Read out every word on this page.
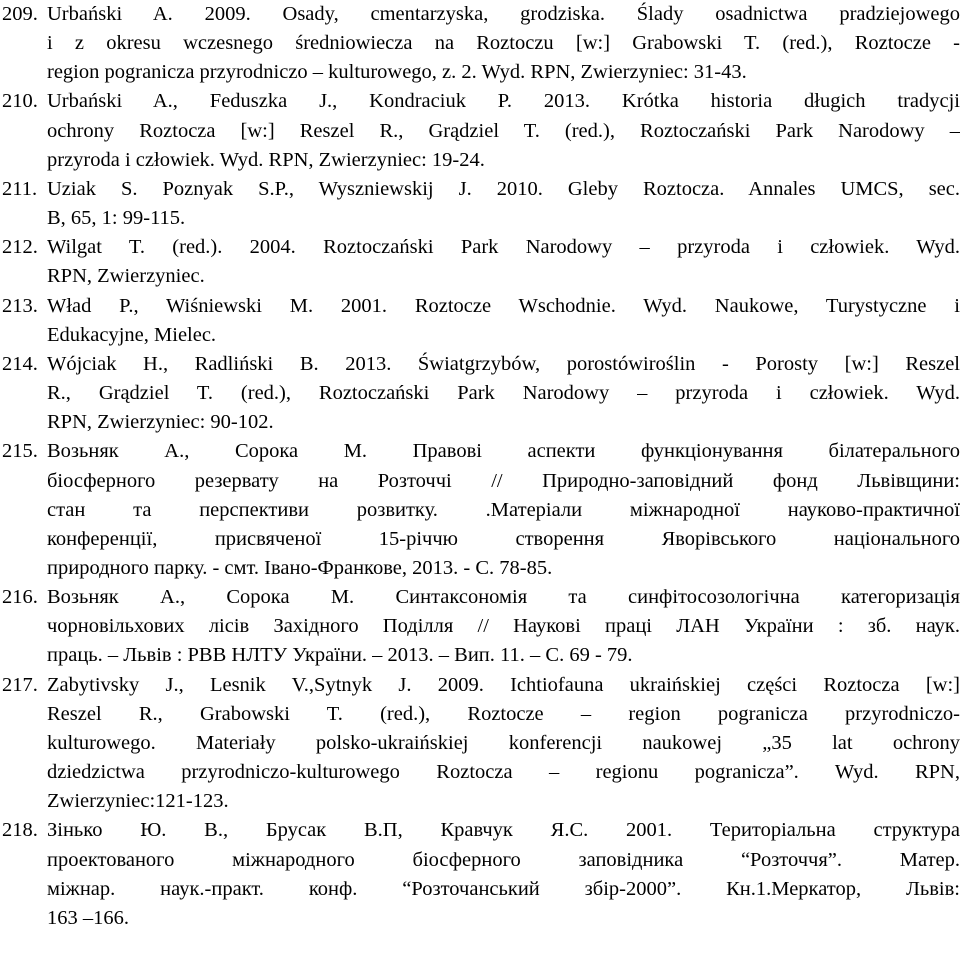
209. Urbański A. 2009. Osady, cmentarzyska, grodziska. Ślady osadnictwa pradziejowego
i z okresu wczesnego średniowiecza na Roztoczu [w:] Grabowski T. (red.), Roztocze -
region pogranicza przyrodniczo – kulturowego, z. 2. Wyd. RPN, Zwierzyniec: 31-43.
210. Urbański A., Feduszka J., Kondraciuk P. 2013. Krótka historia długich tradycji
ochrony Roztocza [w:] Reszel R., Grądziel T. (red.), Roztoczański Park Narodowy –
przyroda i człowiek. Wyd. RPN, Zwierzyniec: 19-24.
211. Uziak S. Poznyak S.P., Wyszniewskij J. 2010. Gleby Roztocza. Annales UMCS, sec.
B, 65, 1: 99-115.
212. Wilgat T. (red.). 2004. Roztoczański Park Narodowy – przyroda i człowiek. Wyd.
RPN, Zwierzyniec.
213. Wład P., Wiśniewski M. 2001. Roztocze Wschodnie. Wyd. Naukowe, Turystyczne i
Edukacyjne, Mielec.
214. Wójciak H., Radliński B. 2013. Światgrzybów, porostówiroślin - Porosty [w:] Reszel
R., Grądziel T. (red.), Roztoczański Park Narodowy – przyroda i człowiek. Wyd.
RPN, Zwierzyniec: 90-102.
215. Возьняк А., Сорока М. Правові аспекти функціонування білатерального
біосферного резервату на Розточчі // Природно-заповідний фонд Львівщини:
стан та перспективи розвитку. .Матеріали міжнародної науково-практичної
конференції, присвяченої 15-річчю створення Яворівського національного
природного парку. - смт. Івано-Франкове, 2013. - С. 78-85.
216. Возьняк А., Сорока М. Синтаксономія та синфітосозологічна категоризація
чорновільхових лісів Західного Поділля // Наукові праці ЛАН України : зб. наук.
праць. – Львів : РВВ НЛТУ України. – 2013. – Вип. 11. – С. 69 - 79.
217. Zabytivsky J., Lesnik V.,Sytnyk J. 2009. Ichtiofauna ukraińskiej części Roztocza [w:]
Reszel R., Grabowski T. (red.), Roztocze – region pogranicza przyrodniczo-
kulturowego. Materiały polsko-ukraińskiej konferencji naukowej „35 lat ochrony
dziedzictwa przyrodniczo-kulturowego Roztocza – regionu pogranicza”. Wyd. RPN,
Zwierzyniec:121-123.
218. Зінько Ю. В., Брусак В.П, Кравчук Я.С. 2001. Територіальна структура
проектованого міжнародного біосферного заповідника “Розточчя”. Матер.
міжнар. наук.-практ. конф. “Розточанський збір-2000”. Кн.1.Меркатор, Львів:
163 –166.
